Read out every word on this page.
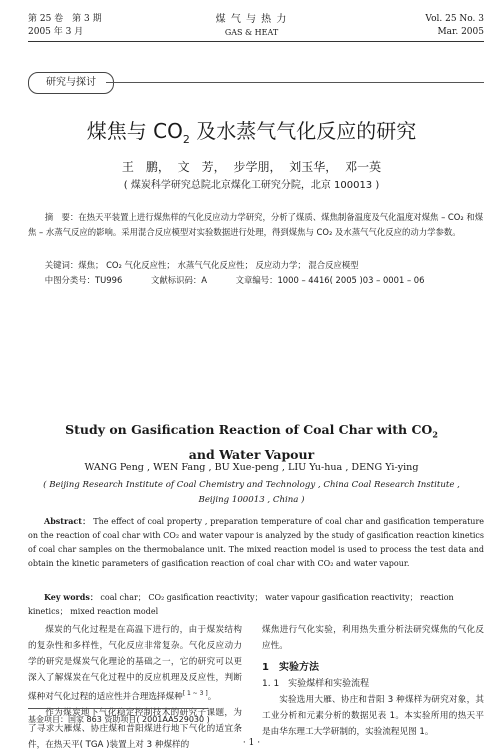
第 25 卷　第 3 期
2005 年 3 月
煤 气 与 热 力
GAS & HEAT
Vol. 25 No. 3
Mar. 2005
研究与探讨
煤焦与 $CO_2$ 及水蒸气气化反应的研究
王　鹏， 文　芳， 步学朋， 刘玉华， 邓一英
( 煤炭科学研究总院北京煤化工研究分院，北京 100013 )
摘　要：在热天平装置上进行煤焦样的气化反应动力学研究，分析了煤质、煤焦制备温度及气化温度对煤焦 – CO₂ 和煤焦 – 水蒸气反应的影响。采用混合反应模型对实验数据进行处理，得到煤焦与 CO₂ 及水蒸气气化反应的动力学参数。
关键词：煤焦； CO₂ 气化反应性； 水蒸气气化反应性； 反应动力学； 混合反应模型
中图分类号：TU996	文献标识码：A	文章编号：1000 – 4416( 2005 )03 – 0001 – 06
Study on Gasification Reaction of Coal Char with $CO_2$ and Water Vapour
WANG Peng , WEN Fang , BU Xue-peng , LIU Yu-hua , DENG Yi-ying
( Beijing Research Institute of Coal Chemistry and Technology , China Coal Research Institute , Beijing 100013 , China )
Abstract： The effect of coal property , preparation temperature of coal char and gasification temperature on the reaction of coal char with CO₂ and water vapour is analyzed by the study of gasification reaction kinetics of coal char samples on the thermobalance unit. The mixed reaction model is used to process the test data and obtain the kinetic parameters of gasification reaction of coal char with CO₂ and water vapour.
Key words： coal char； CO₂ gasification reactivity； water vapour gasification reactivity； reaction kinetics； mixed reaction model

煤炭的气化过程是在高温下进行的，由于煤炭结构的复杂性和多样性，气化反应非常复杂。气化反应动力学的研究是煤炭气化理论的基础之一，它的研究可以更深入了解煤炭在气化过程中的反应机理及反应性，判断煤种对气化过程的适应性并合理选择煤种[ 1 ~ 3 ]。

作为煤炭地下气化稳定控制技术的研究子课题，为了寻求大雁煤、协庄煤和昔阳煤进行地下气化的适宜条件，在热天平( TGA )装置上对 3 种煤样的

煤焦进行气化实验，利用热失重分析法研究煤焦的气化反应性。

1　实验方法
1. 1　实验煤样和实验流程

实验选用大雁、协庄和昔阳 3 种煤样为研究对象，其工业分析和元素分析的数据见表 1。本实验所用的热天平是由华东理工大学研制的，实验流程见图 1。

基金项目：国家 863 资助项目( 2001AA529030 )
· 1 ·
